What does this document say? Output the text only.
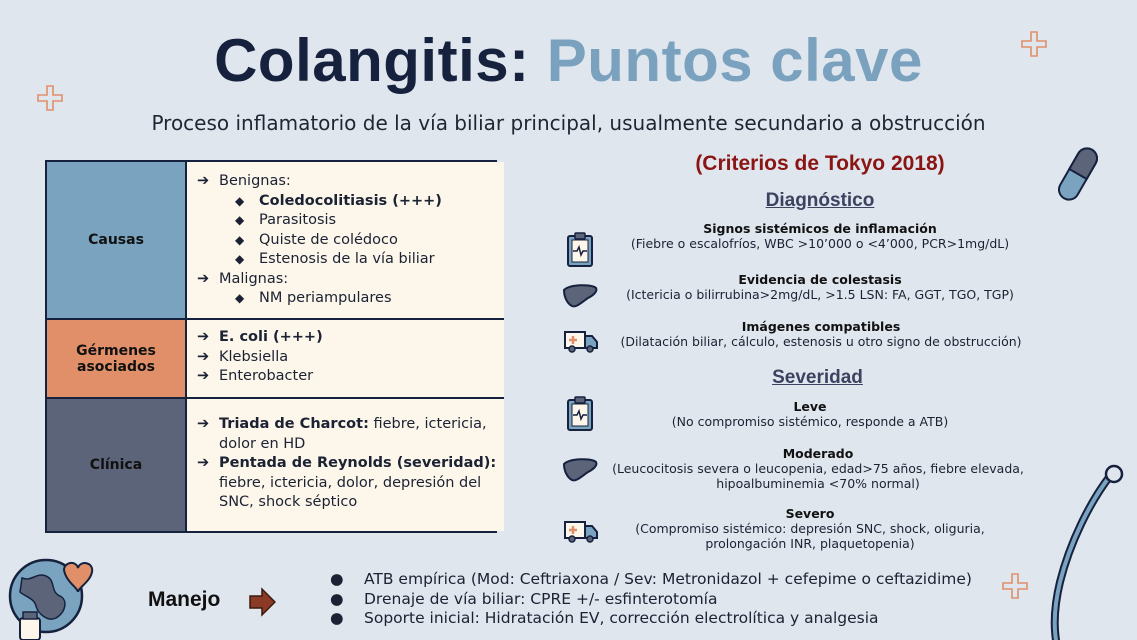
Colangitis: Puntos clave
Proceso inflamatorio de la vía biliar principal, usualmente secundario a obstrucción
Causas
➔ Benignas:
◆ Coledocolitiasis (+++)
◆ Parasitosis
◆ Quiste de colédoco
◆ Estenosis de la vía biliar
➔ Malignas:
◆ NM periampulares
Gérmenes
asociados
➔ E. coli (+++)
➔ Klebsiella
➔ Enterobacter
Clínica
➔ Triada de Charcot: fiebre, ictericia,
dolor en HD
➔ Pentada de Reynolds (severidad):
fiebre, ictericia, dolor, depresión del
SNC, shock séptico
(Criterios de Tokyo 2018)
Diagnóstico
Signos sistémicos de inflamación
(Fiebre o escalofríos, WBC >10’000 o <4’000, PCR>1mg/dL)
Evidencia de colestasis
(Ictericia o bilirrubina>2mg/dL, >1.5 LSN: FA, GGT, TGO, TGP)
Imágenes compatibles
(Dilatación biliar, cálculo, estenosis u otro signo de obstrucción)
Severidad
Leve
(No compromiso sistémico, responde a ATB)
Moderado
(Leucocitosis severa o leucopenia, edad>75 años, fiebre elevada,
hipoalbuminemia <70% normal)
Severo
(Compromiso sistémico: depresión SNC, shock, oliguria,
prolongación INR, plaquetopenia)
Manejo
● ATB empírica (Mod: Ceftriaxona / Sev: Metronidazol + cefepime o ceftazidime)
● Drenaje de vía biliar: CPRE +/- esfinterotomía
● Soporte inicial: Hidratación EV, corrección electrolítica y analgesia
